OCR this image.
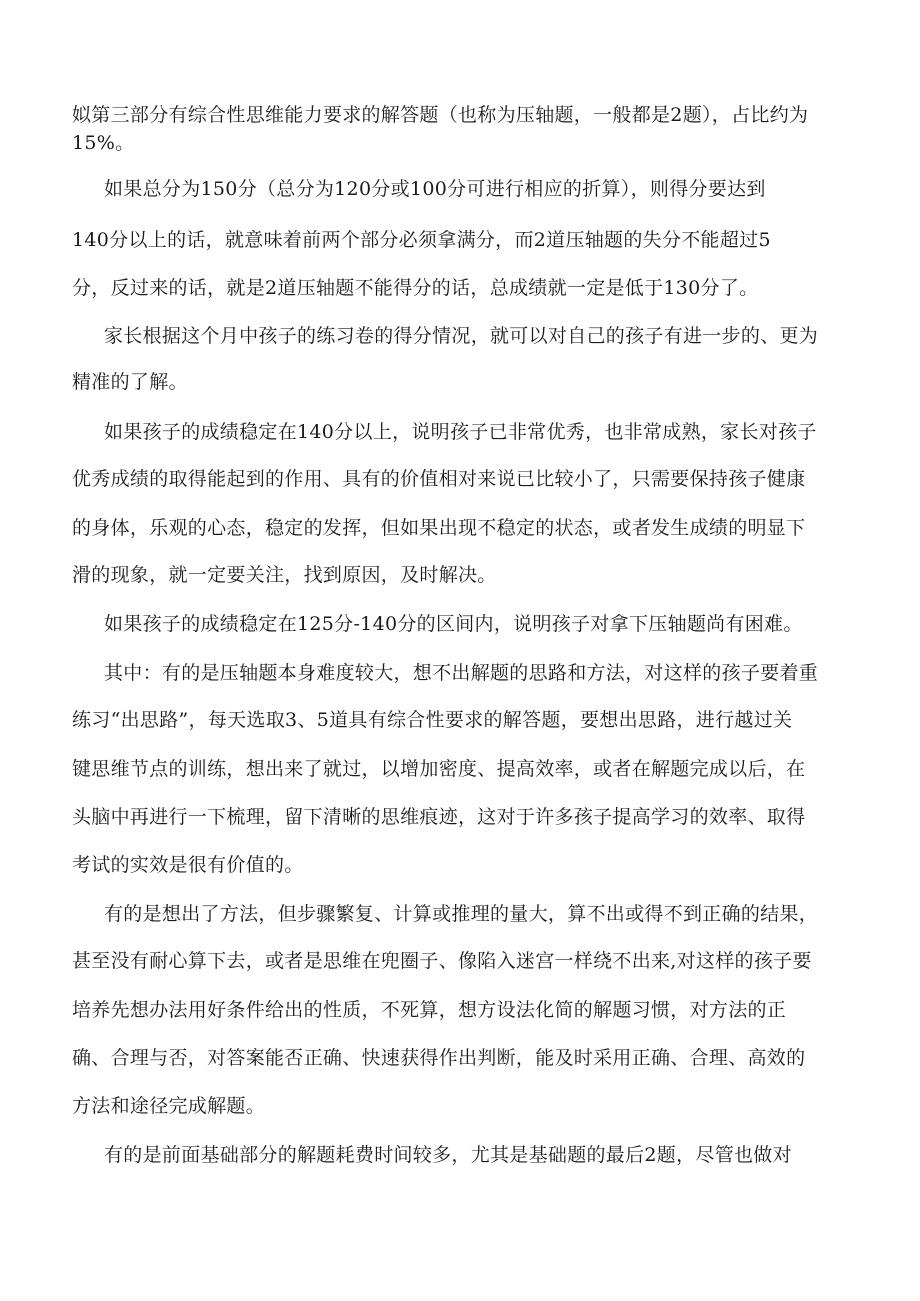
姒第三部分有综合性思维能力要求的解答题（也称为压轴题，一般都是2题），占比约为
15%。
如果总分为150分（总分为120分或100分可进行相应的折算），则得分要达到
140分以上的话，就意味着前两个部分必须拿满分，而2道压轴题的失分不能超过5
分，反过来的话，就是2道压轴题不能得分的话，总成绩就一定是低于130分了。
家长根据这个月中孩子的练习卷的得分情况，就可以对自己的孩子有进一步的、更为
精准的了解。
如果孩子的成绩稳定在140分以上，说明孩子已非常优秀，也非常成熟，家长对孩子
优秀成绩的取得能起到的作用、具有的价值相对来说已比较小了，只需要保持孩子健康
的身体，乐观的心态，稳定的发挥，但如果出现不稳定的状态，或者发生成绩的明显下
滑的现象，就一定要关注，找到原因，及时解决。
如果孩子的成绩稳定在125分-140分的区间内，说明孩子对拿下压轴题尚有困难。
其中：有的是压轴题本身难度较大，想不出解题的思路和方法，对这样的孩子要着重
练习“出思路”，每天选取3、5道具有综合性要求的解答题，要想出思路，进行越过关
键思维节点的训练，想出来了就过，以增加密度、提高效率，或者在解题完成以后，在
头脑中再进行一下梳理，留下清晰的思维痕迹，这对于许多孩子提高学习的效率、取得
考试的实效是很有价值的。
有的是想出了方法，但步骤繁复、计算或推理的量大，算不出或得不到正确的结果，
甚至没有耐心算下去，或者是思维在兜圈子、像陷入迷宫一样绕不出来,对这样的孩子要
培养先想办法用好条件给出的性质，不死算，想方设法化简的解题习惯，对方法的正
确、合理与否，对答案能否正确、快速获得作出判断，能及时采用正确、合理、高效的
方法和途径完成解题。
有的是前面基础部分的解题耗费时间较多，尤其是基础题的最后2题，尽管也做对
